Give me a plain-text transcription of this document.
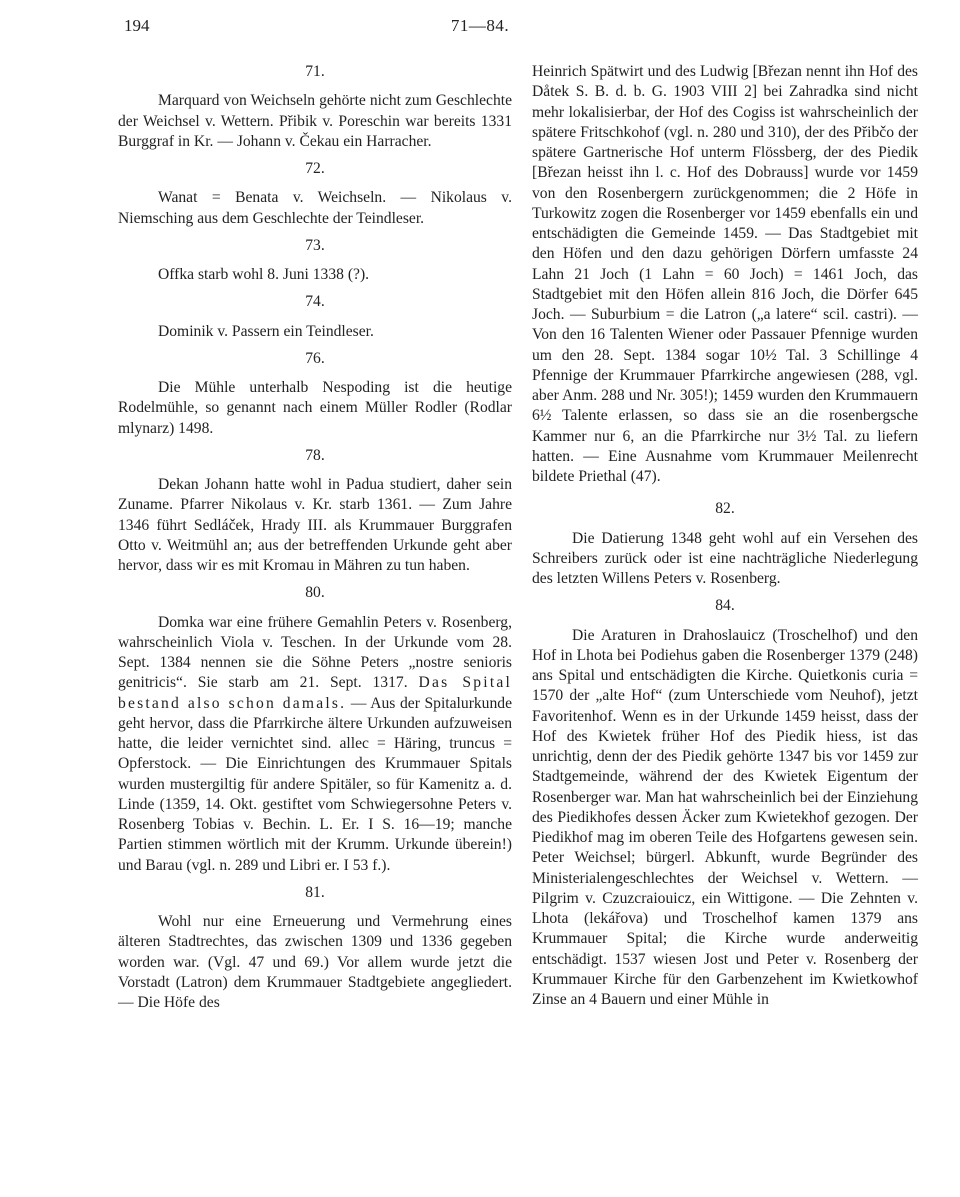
194	71—84.
71.

Marquard von Weichseln gehörte nicht zum Geschlechte der Weichsel v. Wettern. Přibik v. Poreschin war bereits 1331 Burggraf in Kr. — Johann v. Čekau ein Harracher.

72.

Wanat = Benata v. Weichseln. — Nikolaus v. Niemsching aus dem Geschlechte der Teindleser.

73.

Offka starb wohl 8. Juni 1338 (?).

74.

Dominik v. Passern ein Teindleser.

76.

Die Mühle unterhalb Nespoding ist die heutige Rodelmühle, so genannt nach einem Müller Rodler (Rodlar mlynarz) 1498.

78.

Dekan Johann hatte wohl in Padua studiert, daher sein Zuname. Pfarrer Nikolaus v. Kr. starb 1361. — Zum Jahre 1346 führt Sedláček, Hrady III. als Krummauer Burggrafen Otto v. Weitmühl an; aus der betreffenden Urkunde geht aber hervor, dass wir es mit Kromau in Mähren zu tun haben.

80.

Domka war eine frühere Gemahlin Peters v. Rosenberg, wahrscheinlich Viola v. Teschen. In der Urkunde vom 28. Sept. 1384 nennen sie die Söhne Peters „nostre senioris genitricis“. Sie starb am 21. Sept. 1317. Das Spital bestand also schon damals. — Aus der Spitalurkunde geht hervor, dass die Pfarrkirche ältere Urkunden aufzuweisen hatte, die leider vernichtet sind. allec = Häring, truncus = Opferstock. — Die Einrichtungen des Krummauer Spitals wurden mustergiltig für andere Spitäler, so für Kamenitz a. d. Linde (1359, 14. Okt. gestiftet vom Schwiegersohne Peters v. Rosenberg Tobias v. Bechin. L. Er. I S. 16—19; manche Partien stimmen wörtlich mit der Krumm. Urkunde überein!) und Barau (vgl. n. 289 und Libri er. I 53 f.).

81.

Wohl nur eine Erneuerung und Vermehrung eines älteren Stadtrechtes, das zwischen 1309 und 1336 gegeben worden war. (Vgl. 47 und 69.) Vor allem wurde jetzt die Vorstadt (Latron) dem Krummauer Stadtgebiete angegliedert. — Die Höfe des

Heinrich Spätwirt und des Ludwig [Březan nennt ihn Hof des Dåtek S. B. d. b. G. 1903 VIII 2] bei Zahradka sind nicht mehr lokalisierbar, der Hof des Cogiss ist wahrscheinlich der spätere Fritschkohof (vgl. n. 280 und 310), der des Přibčo der spätere Gartnerische Hof unterm Flössberg, der des Piedik [Březan heisst ihn l. c. Hof des Dobrauss] wurde vor 1459 von den Rosenbergern zurückgenommen; die 2 Höfe in Turkowitz zogen die Rosenberger vor 1459 ebenfalls ein und entschädigten die Gemeinde 1459. — Das Stadtgebiet mit den Höfen und den dazu gehörigen Dörfern umfasste 24 Lahn 21 Joch (1 Lahn = 60 Joch) = 1461 Joch, das Stadtgebiet mit den Höfen allein 816 Joch, die Dörfer 645 Joch. — Suburbium = die Latron („a latere“ scil. castri). — Von den 16 Talenten Wiener oder Passauer Pfennige wurden um den 28. Sept. 1384 sogar 10½ Tal. 3 Schillinge 4 Pfennige der Krummauer Pfarrkirche angewiesen (288, vgl. aber Anm. 288 und Nr. 305!); 1459 wurden den Krummauern 6½ Talente erlassen, so dass sie an die rosenbergsche Kammer nur 6, an die Pfarrkirche nur 3½ Tal. zu liefern hatten. — Eine Ausnahme vom Krummauer Meilenrecht bildete Priethal (47).

82.

Die Datierung 1348 geht wohl auf ein Versehen des Schreibers zurück oder ist eine nachträgliche Niederlegung des letzten Willens Peters v. Rosenberg.

84.

Die Araturen in Drahoslauicz (Troschelhof) und den Hof in Lhota bei Podiehus gaben die Rosenberger 1379 (248) ans Spital und entschädigten die Kirche. Quietkonis curia = 1570 der „alte Hof“ (zum Unterschiede vom Neuhof), jetzt Favoritenhof. Wenn es in der Urkunde 1459 heisst, dass der Hof des Kwietek früher Hof des Piedik hiess, ist das unrichtig, denn der des Piedik gehörte 1347 bis vor 1459 zur Stadtgemeinde, während der des Kwietek Eigentum der Rosenberger war. Man hat wahrscheinlich bei der Einziehung des Piedikhofes dessen Äcker zum Kwietekhof gezogen. Der Piedikhof mag im oberen Teile des Hofgartens gewesen sein. Peter Weichsel; bürgerl. Abkunft, wurde Begründer des Ministerialengeschlechtes der Weichsel v. Wettern. — Pilgrim v. Czuzcraiouicz, ein Wittigone. — Die Zehnten v. Lhota (lekářova) und Troschelhof kamen 1379 ans Krummauer Spital; die Kirche wurde anderweitig entschädigt. 1537 wiesen Jost und Peter v. Rosenberg der Krummauer Kirche für den Garbenzehent im Kwietkowhof Zinse an 4 Bauern und einer Mühle in
